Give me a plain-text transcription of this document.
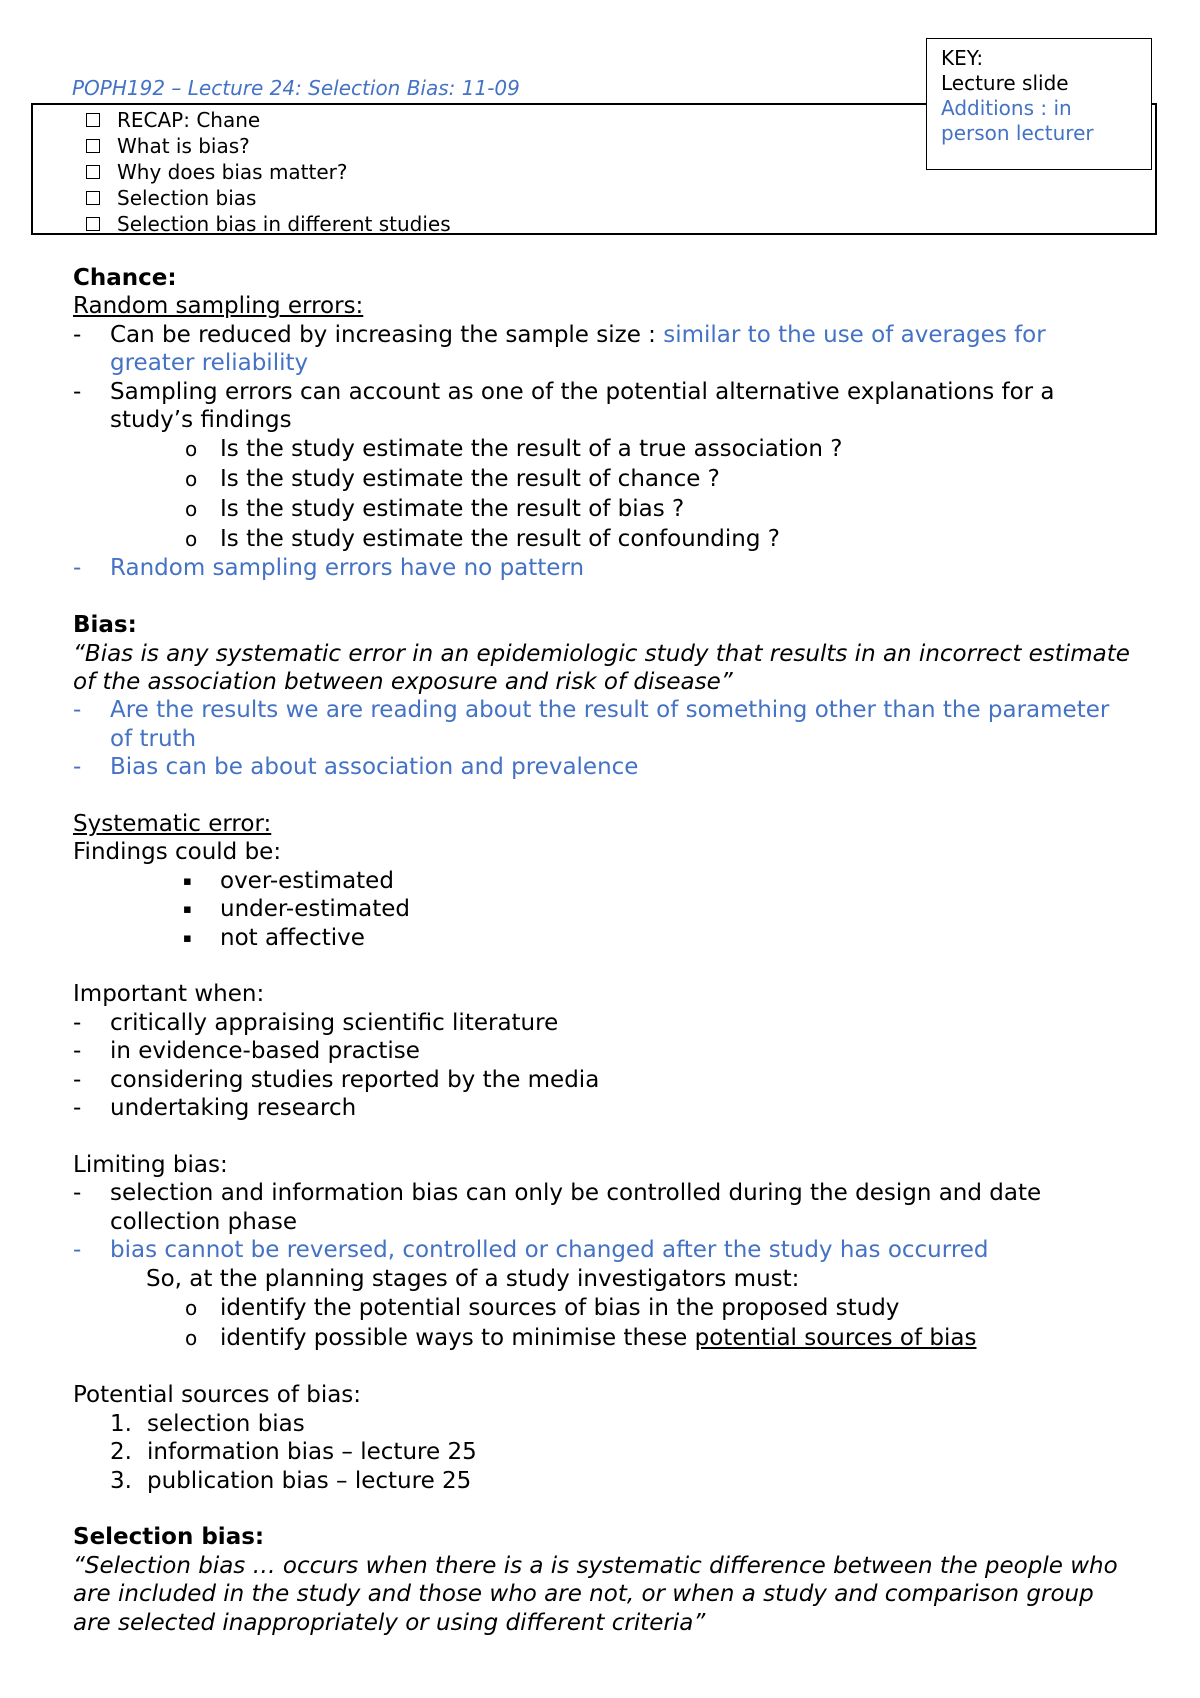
POPH192 – Lecture 24: Selection Bias: 11-09
KEY:
Lecture slide
Additions : in
person lecturer
RECAP: Chane
What is bias?
Why does bias matter?
Selection bias
Selection bias in different studies

Chance:

Random sampling errors:

- Can be reduced by increasing the sample size : similar to the use of averages for greater reliability

- Sampling errors can account as one of the potential alternative explanations for a study’s findings

o Is the study estimate the result of a true association ?

o Is the study estimate the result of chance ?

o Is the study estimate the result of bias ?

o Is the study estimate the result of confounding ?

- Random sampling errors have no pattern

Bias:

“Bias is any systematic error in an epidemiologic study that results in an incorrect estimate of the association between exposure and risk of disease”

- Are the results we are reading about the result of something other than the parameter of truth

- Bias can be about association and prevalence

Systematic error:

Findings could be:

▪ over-estimated

▪ under-estimated

▪ not affective

Important when:

- critically appraising scientific literature

- in evidence-based practise

- considering studies reported by the media

- undertaking research

Limiting bias:

- selection and information bias can only be controlled during the design and date collection phase

- bias cannot be reversed, controlled or changed after the study has occurred

So, at the planning stages of a study investigators must:

o identify the potential sources of bias in the proposed study

o identify possible ways to minimise these potential sources of bias

Potential sources of bias:

1. selection bias

2. information bias – lecture 25

3. publication bias – lecture 25

Selection bias:

“Selection bias … occurs when there is a is systematic difference between the people who are included in the study and those who are not, or when a study and comparison group are selected inappropriately or using different criteria”
